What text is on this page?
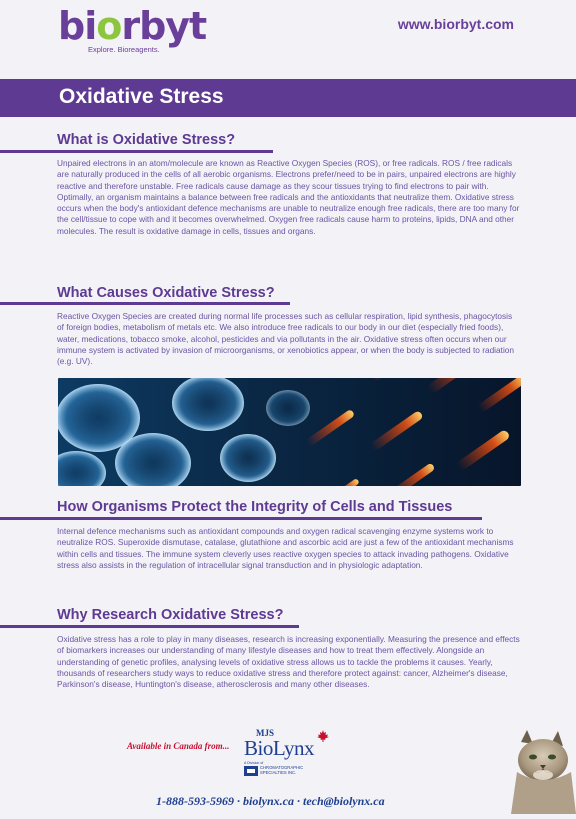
biorbyt
Explore. Bioreagents.
www.biorbyt.com
Oxidative Stress
What is Oxidative Stress?

Unpaired electrons in an atom/molecule are known as Reactive Oxygen Species (ROS), or free radicals. ROS / free radicals are naturally produced in the cells of all aerobic organisms. Electrons prefer/need to be in pairs, unpaired electrons are highly reactive and therefore unstable. Free radicals cause damage as they scour tissues trying to find electrons to pair with.

Optimally, an organism maintains a balance between free radicals and the antioxidants that neutralize them. Oxidative stress occurs when the body's antioxidant defence mechanisms are unable to neutralize enough free radicals, there are too many for the cell/tissue to cope with and it becomes overwhelmed. Oxygen free radicals cause harm to proteins, lipids, DNA and other molecules. The result is oxidative damage in cells, tissues and organs.

What Causes Oxidative Stress?

Reactive Oxygen Species are created during normal life processes such as cellular respiration, lipid synthesis, phagocytosis of foreign bodies, metabolism of metals etc. We also introduce free radicals to our body in our diet (especially fried foods), water, medications, tobacco smoke, alcohol, pesticides and via pollutants in the air. Oxidative stress often occurs when our immune system is activated by invasion of microorganisms, or xenobiotics appear, or when the body is subjected to radiation (e.g. UV).

How Organisms Protect the Integrity of Cells and Tissues

Internal defence mechanisms such as antioxidant compounds and oxygen radical scavenging enzyme systems work to neutralize ROS. Superoxide dismutase, catalase, glutathione and ascorbic acid are just a few of the antioxidant mechanisms within cells and tissues. The immune system cleverly uses reactive oxygen species to attack invading pathogens. Oxidative stress also assists in the regulation of intracellular signal transduction and in physiologic adaptation.

Why Research Oxidative Stress?

Oxidative stress has a role to play in many diseases, research is increasing exponentially. Measuring the presence and effects of biomarkers increases our understanding of many lifestyle diseases and how to treat them effectively. Alongside an understanding of genetic profiles, analysing levels of oxidative stress allows us to tackle the problems it causes. Yearly, thousands of researchers study ways to reduce oxidative stress and therefore protect against: cancer, Alzheimer's disease, Parkinson's disease, Huntington's disease, atherosclerosis and many other diseases.

Available in Canada from...
MJS
BioLynx
A Division of
CHROMATOGRAPHIC
SPECIALTIES INC.
1-888-593-5969 · biolynx.ca · tech@biolynx.ca
